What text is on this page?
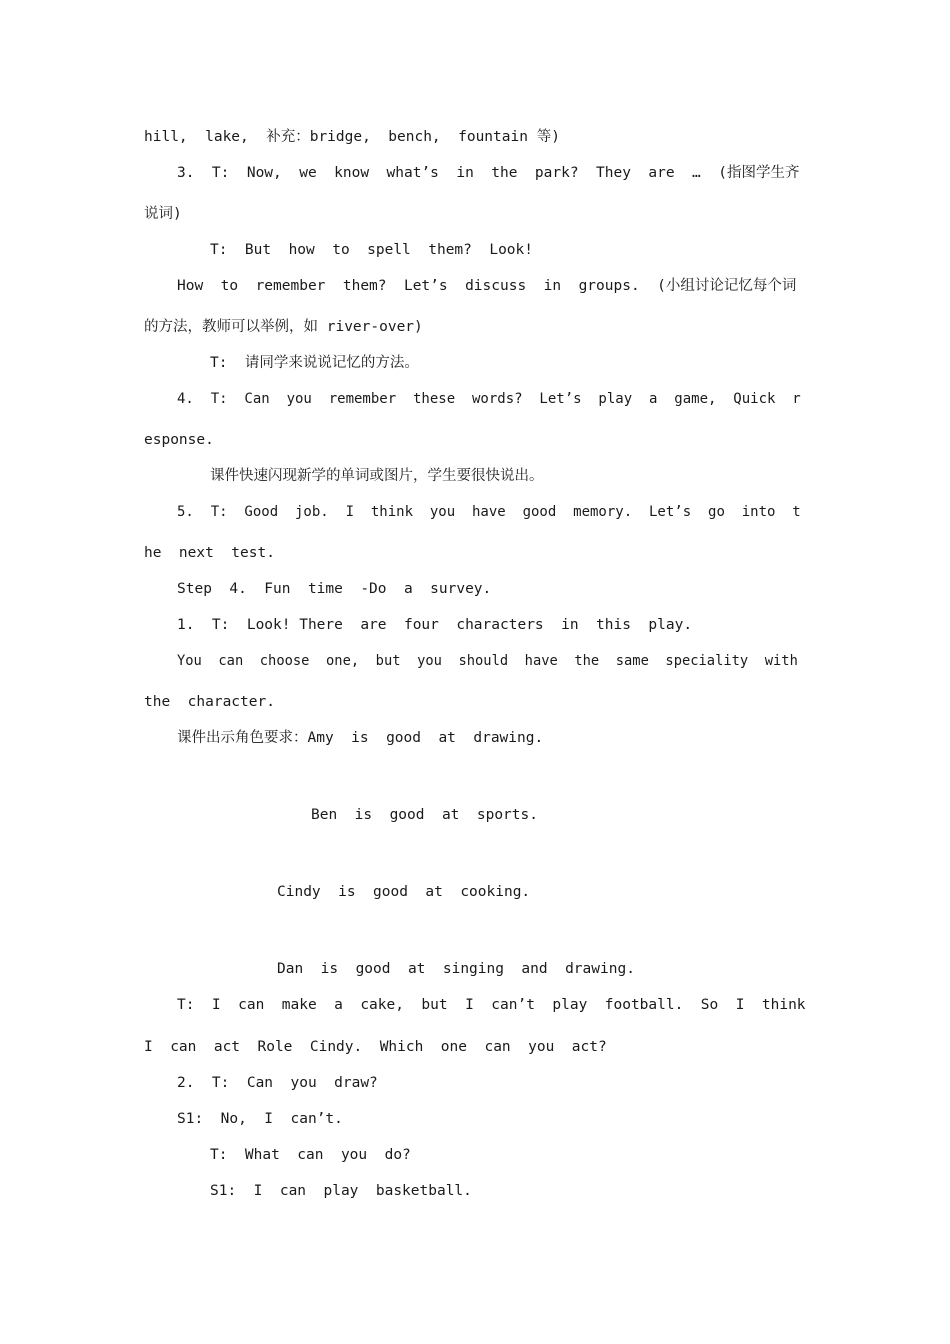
hill,  lake,  补充：bridge,  bench,  fountain 等)
3.  T:  Now,  we  know  what’s  in  the  park?  They  are  …  (指图学生齐
说词)
T:  But  how  to  spell  them?  Look!
How  to  remember  them?  Let’s  discuss  in  groups.  (小组讨论记忆每个词
的方法，教师可以举例，如 river-over)
T:  请同学来说说记忆的方法。
4.  T:  Can  you  remember  these  words?  Let’s  play  a  game,  Quick  r
esponse.
课件快速闪现新学的单词或图片，学生要很快说出。
5.  T:  Good  job.  I  think  you  have  good  memory.  Let’s  go  into  t
he  next  test.
Step  4.  Fun  time  -Do  a  survey.
1.  T:  Look! There  are  four  characters  in  this  play.
You  can  choose  one,  but  you  should  have  the  same  speciality  with
the  character.
课件出示角色要求：Amy  is  good  at  drawing.
Ben  is  good  at  sports.
Cindy  is  good  at  cooking.
Dan  is  good  at  singing  and  drawing.
T:  I  can  make  a  cake,  but  I  can’t  play  football.  So  I  think
I  can  act  Role  Cindy.  Which  one  can  you  act?
2.  T:  Can  you  draw?
S1:  No,  I  can’t.
T:  What  can  you  do?
S1:  I  can  play  basketball.
